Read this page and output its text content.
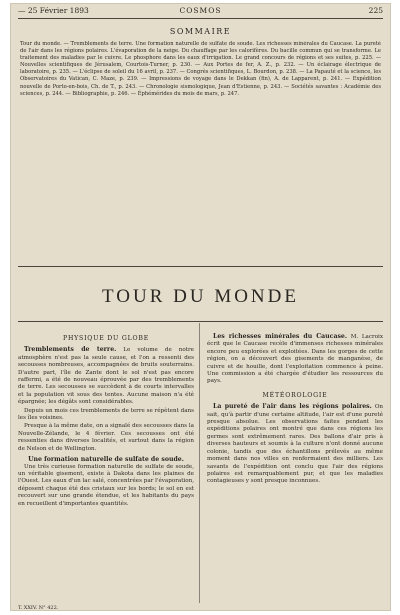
— 25 Février 1893	COSMOS	225
SOMMAIRE
Tour du monde. — Tremblements de terre. Une formation naturelle de sulfate de soude. Les richesses minérales du Caucase. La pureté de l'air dans les régions polaires. L'évaporation de la neige. Du chauffage par les calorifères. Du bacille commun qui se transforme. Le traitement des maladies par le cuivre. Le phosphore dans les eaux d'irrigation. Le grand concours de régions et ses suites, p. 225. — Nouvelles scientifiques de Jérusalem, Courtois-Turner, p. 230. — Aux Portes de fer, A. Z., p. 232. — Un éclairage électrique de laboratoire, p. 235. — L'éclipse de soleil du 16 avril, p. 237. — Congrès scientifiques, L. Bourdon, p. 238. — La Papauté et la science, les Observatoires du Vatican, C. Maze, p. 239. — Impressions de voyage dans le Dekkan (fin), A. de Lapparent, p. 241. — Expédition nouvelle de Porto-en-bois, Ch. de T., p. 243. — Chronologie sismologique, Jean d'Estienne, p. 243. — Sociétés savantes : Académie des sciences, p. 244. — Bibliographie, p. 246. — Éphémérides du mois de mars, p. 247.
TOUR DU MONDE
PHYSIQUE DU GLOBE

Tremblements de terre. Le volume de notre atmosphère n'est pas la seule cause, et l'on a ressenti des secousses nombreuses, accompagnées de bruits souterrains. D'autre part, l'île de Zante dont le sol n'est pas encore raffermi, a été de nouveau éprouvée par des tremblements de terre. Les secousses se succèdent à de courts intervalles et la population vit sous des tentes. Aucune maison n'a été épargnée; les dégâts sont considérables.

Depuis un mois ces tremblements de terre se répètent dans les îles voisines.

Presque à la même date, on a signalé des secousses dans la Nouvelle-Zélande, le 4 février. Ces secousses ont été ressenties dans diverses localités, et surtout dans la région de Nelson et de Wellington.

Une formation naturelle de sulfate de soude.

Une très curieuse formation naturelle de sulfate de soude, un véritable gisement, existe à Dakota dans les plaines de l'Ouest. Les eaux d'un lac salé, concentrées par l'évaporation, déposent chaque été des cristaux sur les bords; le sol en est recouvert sur une grande étendue, et les habitants du pays en recueillent d'importantes quantités.

Les richesses minérales du Caucase. M. Lacroix écrit que le Caucase recèle d'immenses richesses minérales encore peu explorées et exploitées. Dans les gorges de cette région, on a découvert des gisements de manganèse, de cuivre et de houille, dont l'exploitation commence à peine. Une commission a été chargée d'étudier les ressources du pays.

MÉTÉOROLOGIE

La pureté de l'air dans les régions polaires. On sait, qu'à partir d'une certaine altitude, l'air est d'une pureté presque absolue. Les observations faites pendant les expéditions polaires ont montré que dans ces régions les germes sont extrêmement rares. Des ballons d'air pris à diverses hauteurs et soumis à la culture n'ont donné aucune colonie, tandis que des échantillons prélevés au même moment dans nos villes en renfermaient des milliers. Les savants de l'expédition ont conclu que l'air des régions polaires est remarquablement pur, et que les maladies contagieuses y sont presque inconnues.

T. XXIV. N° 422.
